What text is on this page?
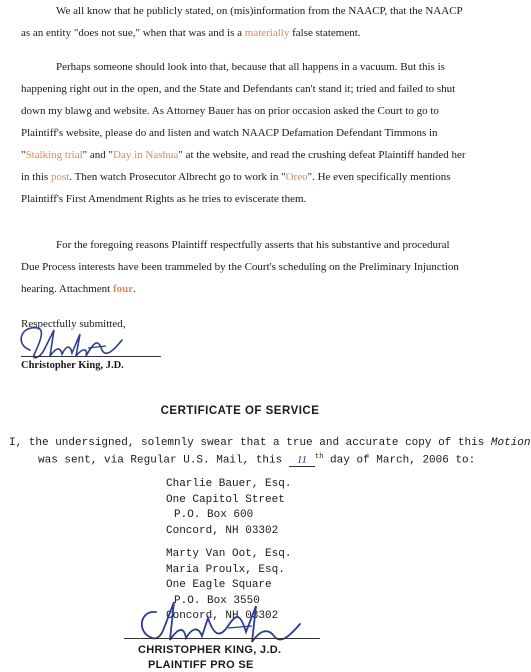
We all know that he publicly stated, on (mis)information from the NAACP, that the NAACP as an entity "does not sue," when that was and is a materially false statement.

Perhaps someone should look into that, because that all happens in a vacuum. But this is happening right out in the open, and the State and Defendants can't stand it; tried and failed to shut down my blawg and website. As Attorney Bauer has on prior occasion asked the Court to go to Plaintiff's website, please do and listen and watch NAACP Defamation Defendant Timmons in "Stalking trial" and "Day in Nashua" at the website, and read the crushing defeat Plaintiff handed her in this post. Then watch Prosecutor Albrecht go to work in "Oreo". He even specifically mentions Plaintiff's First Amendment Rights as he tries to eviscerate them.

For the foregoing reasons Plaintiff respectfully asserts that his substantive and procedural Due Process interests have been trammeled by the Court's scheduling on the Preliminary Injunction hearing. Attachment four.

Respectfully submitted,
Christopher King, J.D.
CERTIFICATE OF SERVICE
I, the undersigned, solemnly swear that a true and accurate copy of this Motion
was sent, via Regular U.S. Mail, this 11 $^{th}$ day of March, 2006 to:
Charlie Bauer, Esq.
One Capitol Street
P.O. Box 600
Concord, NH 03302
Marty Van Oot, Esq.
Maria Proulx, Esq.
One Eagle Square
P.O. Box 3550
Concord, NH 03302
CHRISTOPHER KING, J.D.
PLAINTIFF PRO SE
